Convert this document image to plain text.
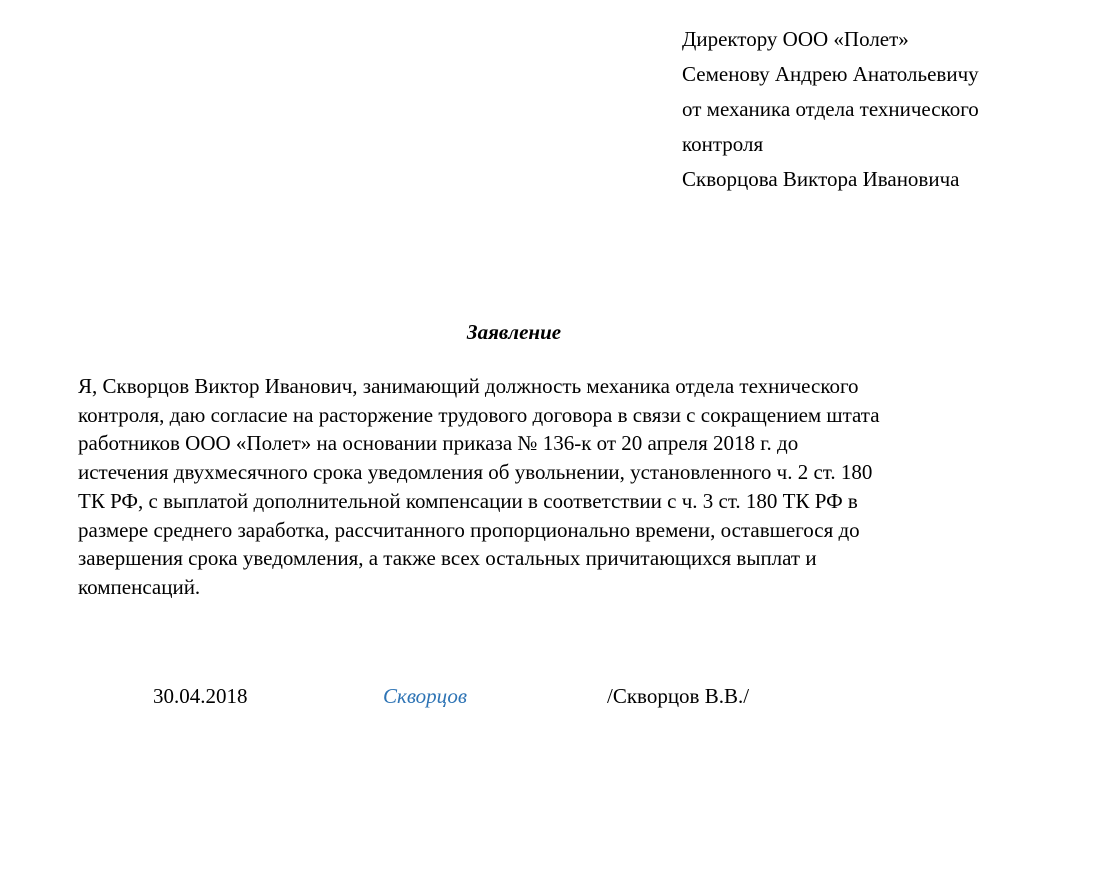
Директору ООО «Полет»
Семенову Андрею Анатольевичу
от механика отдела технического
контроля
Скворцова Виктора Ивановича
Заявление
Я, Скворцов Виктор Иванович, занимающий должность механика отдела технического
контроля, даю согласие на расторжение трудового договора в связи с сокращением штата
работников ООО «Полет» на основании приказа № 136-к от 20 апреля 2018 г. до
истечения двухмесячного срока уведомления об увольнении, установленного ч. 2 ст. 180
ТК РФ, с выплатой дополнительной компенсации в соответствии с ч. 3 ст. 180 ТК РФ в
размере среднего заработка, рассчитанного пропорционально времени, оставшегося до
завершения срока уведомления, а также всех остальных причитающихся выплат и
компенсаций.
30.04.2018	Скворцов	/Скворцов В.В./
